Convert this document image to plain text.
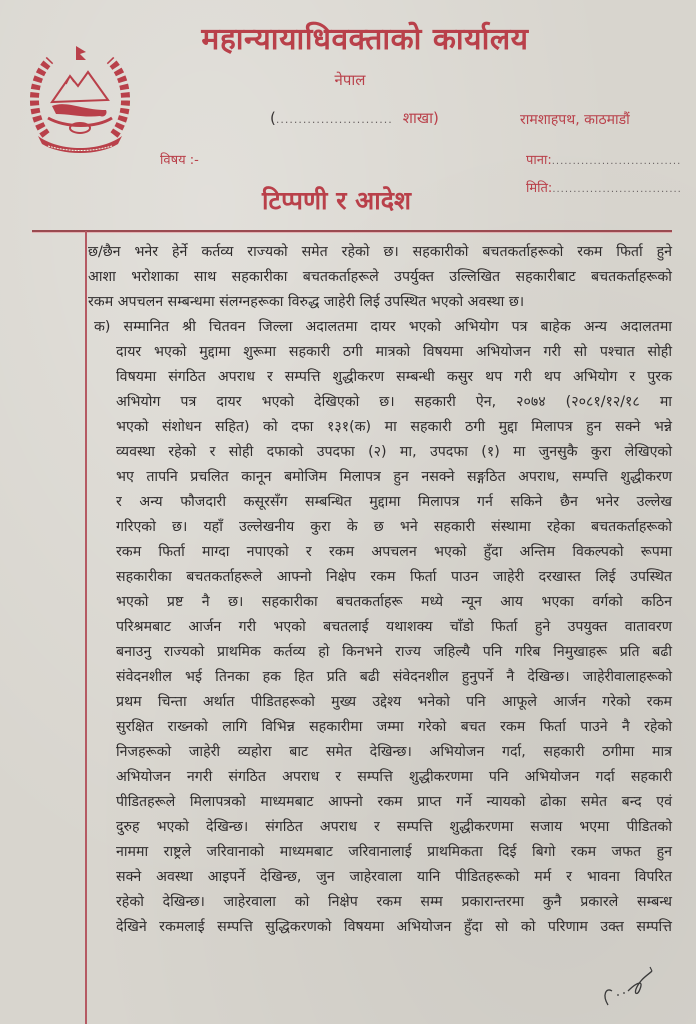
महान्यायाधिवक्ताको कार्यालय
नेपाल
(.......................... शाखा)	रामशाहपथ, काठमाडौं
विषय :-	पाना:...............................
मिति:...............................
टिप्पणी र आदेश
छ/छैन भनेर हेर्ने कर्तव्य राज्यको समेत रहेको छ। सहकारीको बचतकर्ताहरूको रकम फिर्ता हुने
आशा भरोशाका साथ सहकारीका बचतकर्ताहरूले उपर्युक्त उल्लिखित सहकारीबाट बचतकर्ताहरूको
रकम अपचलन सम्बन्धमा संलग्नहरूका विरुद्ध जाहेरी लिई उपस्थित भएको अवस्था छ।
क) सम्मानित श्री चितवन जिल्ला अदालतमा दायर भएको अभियोग पत्र बाहेक अन्य अदालतमा
दायर भएको मुद्दामा शुरूमा सहकारी ठगी मात्रको विषयमा अभियोजन गरी सो पश्चात सोही
विषयमा संगठित अपराध र सम्पत्ति शुद्धीकरण सम्बन्धी कसुर थप गरी थप अभियोग र पुरक
अभियोग पत्र दायर भएको देखिएको छ। सहकारी ऐन, २०७४ (२०८१/१२/१८ मा
भएको संशोधन सहित) को दफा १३१(क) मा सहकारी ठगी मुद्दा मिलापत्र हुन सक्ने भन्ने
व्यवस्था रहेको र सोही दफाको उपदफा (२) मा, उपदफा (१) मा जुनसुकै कुरा लेखिएको
भए तापनि प्रचलित कानून बमोजिम मिलापत्र हुन नसक्ने सङ्गठित अपराध, सम्पत्ति शुद्धीकरण
र अन्य फौजदारी कसूरसँग सम्बन्धित मुद्दामा मिलापत्र गर्न सकिने छैन भनेर उल्लेख
गरिएको छ। यहाँ उल्लेखनीय कुरा के छ भने सहकारी संस्थामा रहेका बचतकर्ताहरूको
रकम फिर्ता माग्दा नपाएको र रकम अपचलन भएको हुँदा अन्तिम विकल्पको रूपमा
सहकारीका बचतकर्ताहरूले आफ्नो निक्षेप रकम फिर्ता पाउन जाहेरी दरखास्त लिई उपस्थित
भएको प्रष्ट नै छ। सहकारीका बचतकर्ताहरू मध्ये न्यून आय भएका वर्गको कठिन
परिश्रमबाट आर्जन गरी भएको बचतलाई यथाशक्य चाँडो फिर्ता हुने उपयुक्त वातावरण
बनाउनु राज्यको प्राथमिक कर्तव्य हो किनभने राज्य जहिल्यै पनि गरिब निमुखाहरू प्रति बढी
संवेदनशील भई तिनका हक हित प्रति बढी संवेदनशील हुनुपर्ने नै देखिन्छ। जाहेरीवालाहरूको
प्रथम चिन्ता अर्थात पीडितहरूको मुख्य उद्देश्य भनेको पनि आफूले आर्जन गरेको रकम
सुरक्षित राख्नको लागि विभिन्न सहकारीमा जम्मा गरेको बचत रकम फिर्ता पाउने नै रहेको
निजहरूको जाहेरी व्यहोरा बाट समेत देखिन्छ। अभियोजन गर्दा, सहकारी ठगीमा मात्र
अभियोजन नगरी संगठित अपराध र सम्पत्ति शुद्धीकरणमा पनि अभियोजन गर्दा सहकारी
पीडितहरूले मिलापत्रको माध्यमबाट आफ्नो रकम प्राप्त गर्ने न्यायको ढोका समेत बन्द एवं
दुरुह भएको देखिन्छ। संगठित अपराध र सम्पत्ति शुद्धीकरणमा सजाय भएमा पीडितको
नाममा राष्ट्रले जरिवानाको माध्यमबाट जरिवानालाई प्राथमिकता दिई बिगो रकम जफत हुन
सक्ने अवस्था आइपर्ने देखिन्छ, जुन जाहेरवाला यानि पीडितहरूको मर्म र भावना विपरित
रहेको देखिन्छ। जाहेरवाला को निक्षेप रकम सम्म प्रकारान्तरमा कुनै प्रकारले सम्बन्ध
देखिने रकमलाई सम्पत्ति सुद्धिकरणको विषयमा अभियोजन हुँदा सो को परिणाम उक्त सम्पत्ति
